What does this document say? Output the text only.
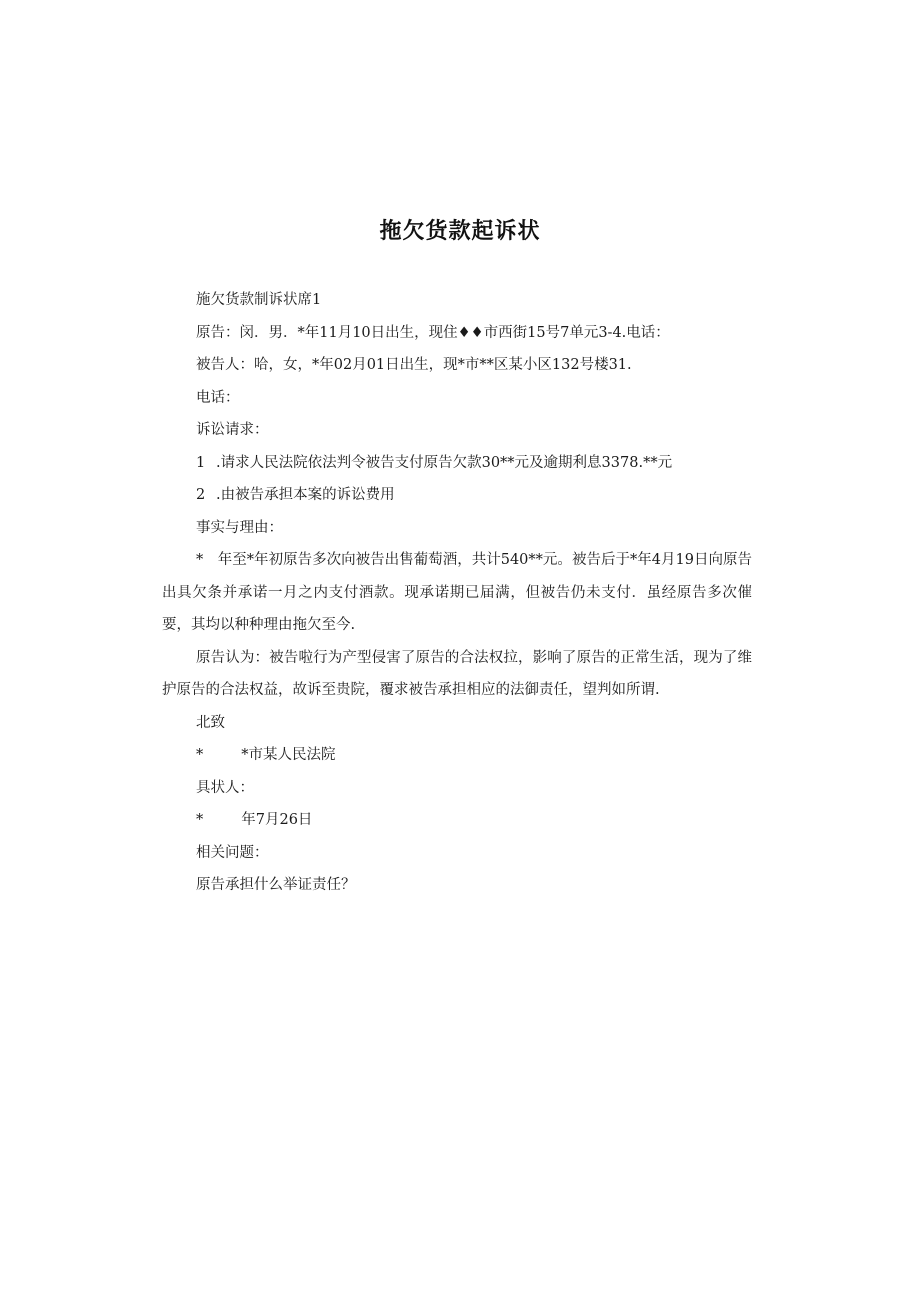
拖欠货款起诉状
施欠货款制诉状席1
原告：闵．男．*年11月10日出生，现住♦♦市西街15号7单元3-4.电话：
被告人：哈，女，*年02月01日出生，现*市**区某小区132号楼31.
电话：
诉讼请求：
1 .请求人民法院依法判令被告支付原告欠款30**元及逾期利息3378.**元
2 .由被告承担本案的诉讼费用
事实与理由：
*　年至*年初原告多次向被告出售葡萄酒，共计540**元。被告后于*年4月19日向原告出具欠条并承诺一月之内支付酒款。现承诺期已届满，但被告仍未支付．虽经原告多次催要，其均以种种理由拖欠至今.
原告认为：被告啦行为产型侵害了原告的合法权拉，影响了原告的正常生活，现为了维护原告的合法权益，故诉至贵院，覆求被告承担相应的法御责任，望判如所谓.
北致
*	*市某人民法院
具状人：
*	年7月26日
相关问题：
原告承担什么举证责任？
